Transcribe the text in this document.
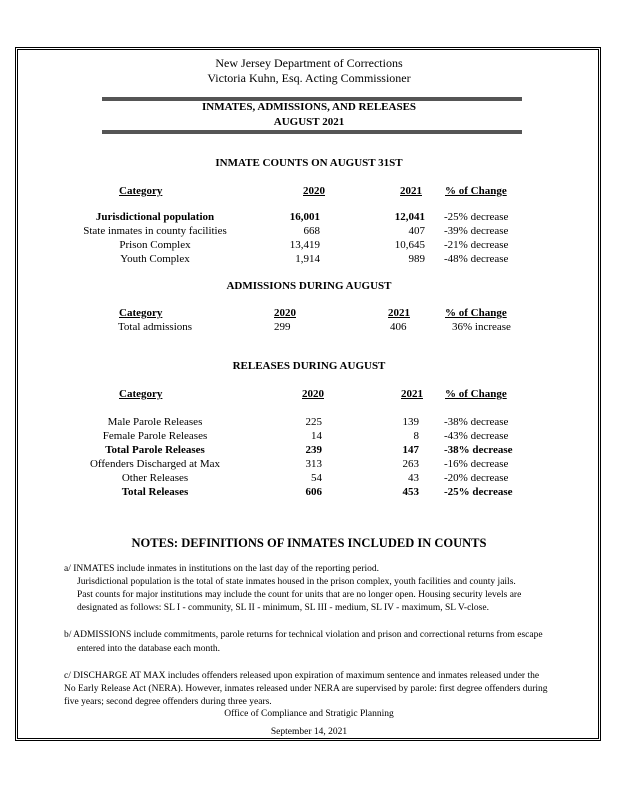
New Jersey Department of Corrections
Victoria Kuhn, Esq. Acting Commissioner
INMATES, ADMISSIONS, AND RELEASES
AUGUST 2021
INMATE COUNTS ON AUGUST 31ST
Category	2020	2021 % of Change
Jurisdictional population	16,001	12,041 -25% decrease
State inmates in county facilities	668	407 -39% decrease
Prison Complex	13,419	10,645 -21% decrease
Youth Complex	1,914	989 -48% decrease
ADMISSIONS DURING AUGUST
Category	2020	2021	% of Change
Total admissions	299	406	36% increase
RELEASES DURING AUGUST
Category	2020	2021 % of Change
Male Parole Releases	225	139 -38% decrease
Female Parole Releases	14	8 -43% decrease
Total Parole Releases	239	147 -38% decrease
Offenders Discharged at Max	313	263 -16% decrease
Other Releases	54	43 -20% decrease
Total Releases	606	453 -25% decrease
NOTES: DEFINITIONS OF INMATES INCLUDED IN COUNTS
a/ INMATES include inmates in institutions on the last day of the reporting period.
Jurisdictional population is the total of state inmates housed in the prison complex, youth facilities and county jails.
Past counts for major institutions may include the count for units that are no longer open. Housing security levels are
designated as follows: SL I - community, SL II - minimum, SL III - medium, SL IV - maximum, SL V-close.
b/ ADMISSIONS include commitments, parole returns for technical violation and prison and correctional returns from escape
entered into the database each month.
c/ DISCHARGE AT MAX includes offenders released upon expiration of maximum sentence and inmates released under the
No Early Release Act (NERA). However, inmates released under NERA are supervised by parole: first degree offenders during
five years; second degree offenders during three years.
Office of Compliance and Stratigic Planning
September 14, 2021
